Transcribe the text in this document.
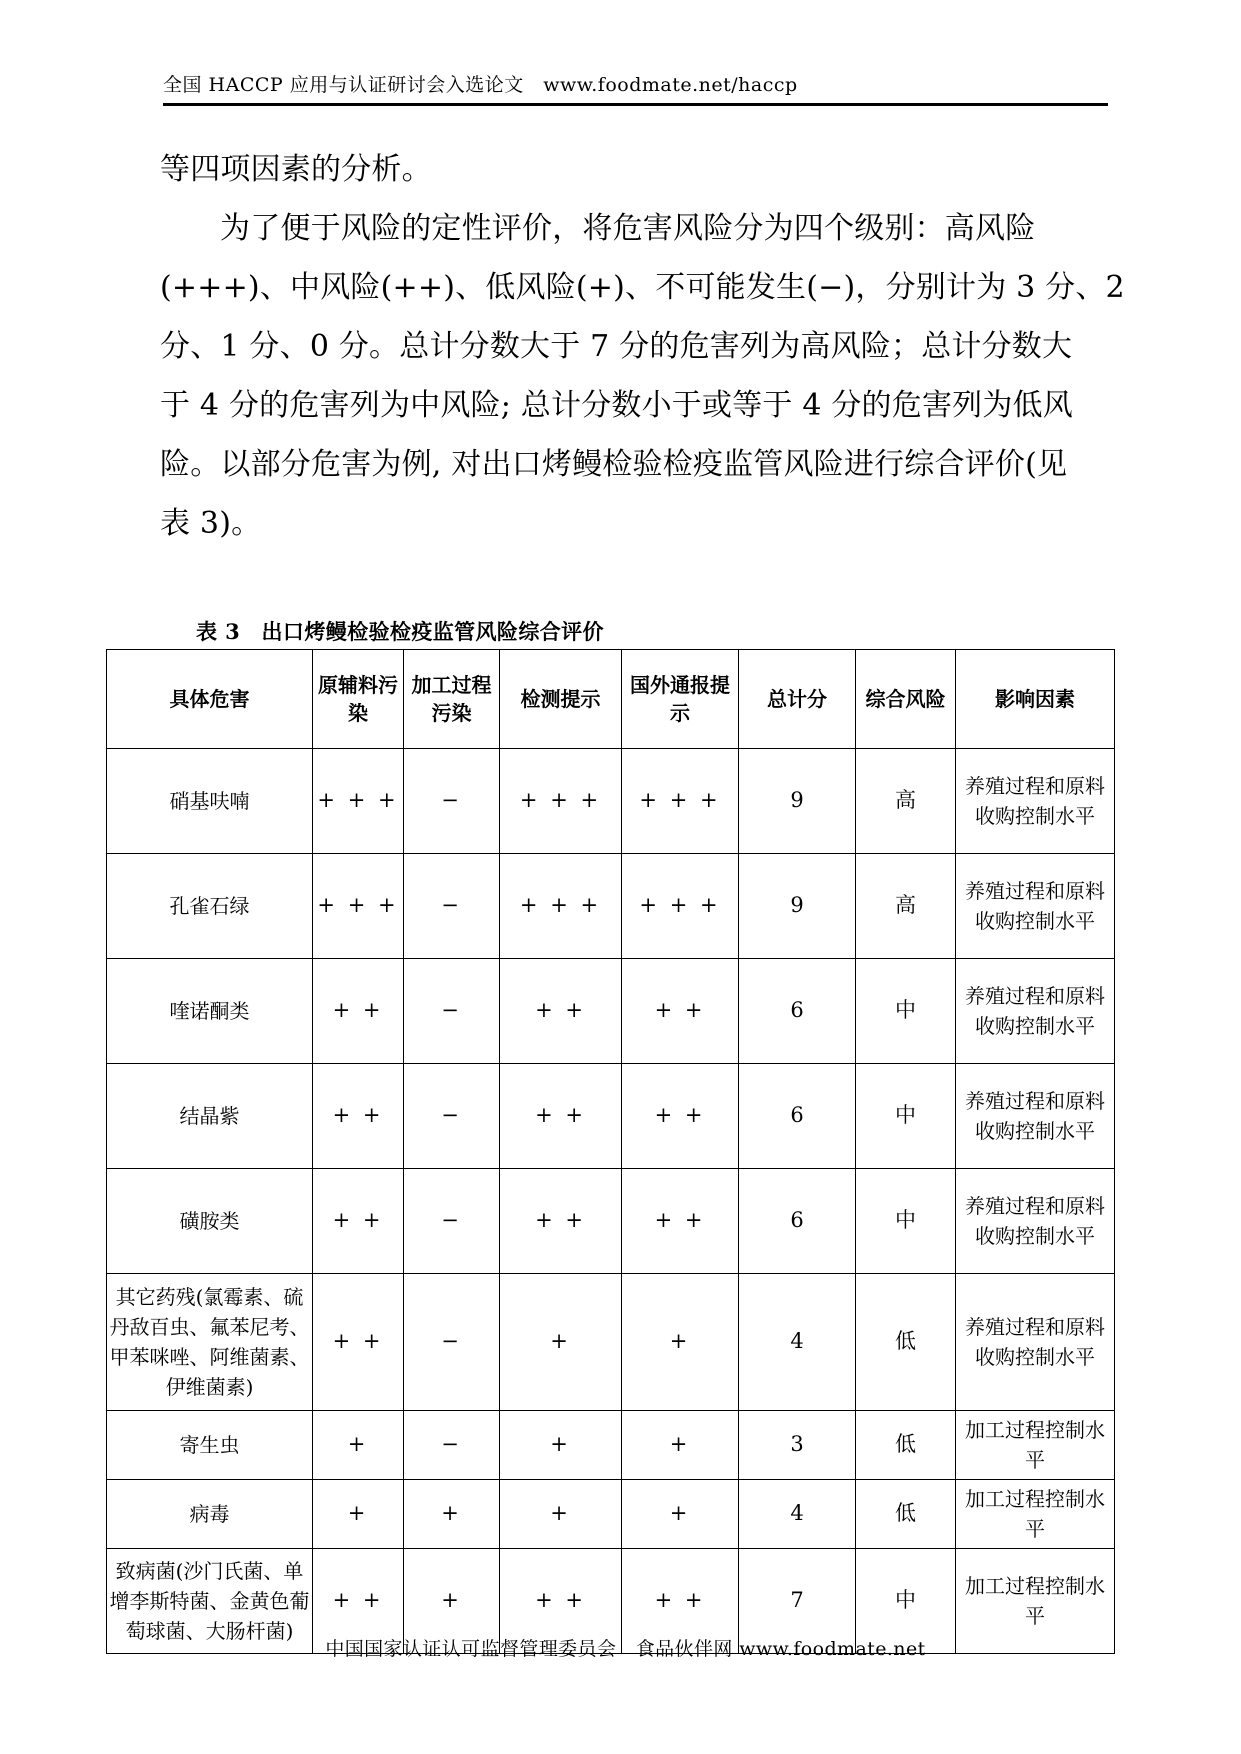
全国 HACCP 应用与认证研讨会入选论文　www.foodmate.net/haccp
等四项因素的分析。
为了便于风险的定性评价，将危害风险分为四个级别：高风险
(+++)、中风险(++)、低风险(+)、不可能发生(−)，分别计为 3 分、2
分、1 分、0 分。总计分数大于 7 分的危害列为高风险；总计分数大
于 4 分的危害列为中风险; 总计分数小于或等于 4 分的危害列为低风
险。以部分危害为例, 对出口烤鳗检验检疫监管风险进行综合评价(见
表 3)。
表 3　出口烤鳗检验检疫监管风险综合评价
具体危害	原辅料污染	加工过程污染	检测提示	国外通报提示	总计分	综合风险	影响因素
硝基呋喃	+ + +	−	+ + +	+ + +	9	高	养殖过程和原料收购控制水平
孔雀石绿	+ + +	−	+ + +	+ + +	9	高	养殖过程和原料收购控制水平
喹诺酮类	+ +	−	+ +	+ +	6	中	养殖过程和原料收购控制水平
结晶紫	+ +	−	+ +	+ +	6	中	养殖过程和原料收购控制水平
磺胺类	+ +	−	+ +	+ +	6	中	养殖过程和原料收购控制水平
其它药残(氯霉素、硫丹敌百虫、氟苯尼考、甲苯咪唑、阿维菌素、伊维菌素)	+ +	−	+	+	4	低	养殖过程和原料收购控制水平
寄生虫	+	−	+	+	3	低	加工过程控制水平
病毒	+	+	+	+	4	低	加工过程控制水平
致病菌(沙门氏菌、单增李斯特菌、金黄色葡萄球菌、大肠杆菌)	+ +	+	+ +	+ +	7	中	加工过程控制水平
中国国家认证认可监督管理委员会　食品伙伴网 www.foodmate.net
